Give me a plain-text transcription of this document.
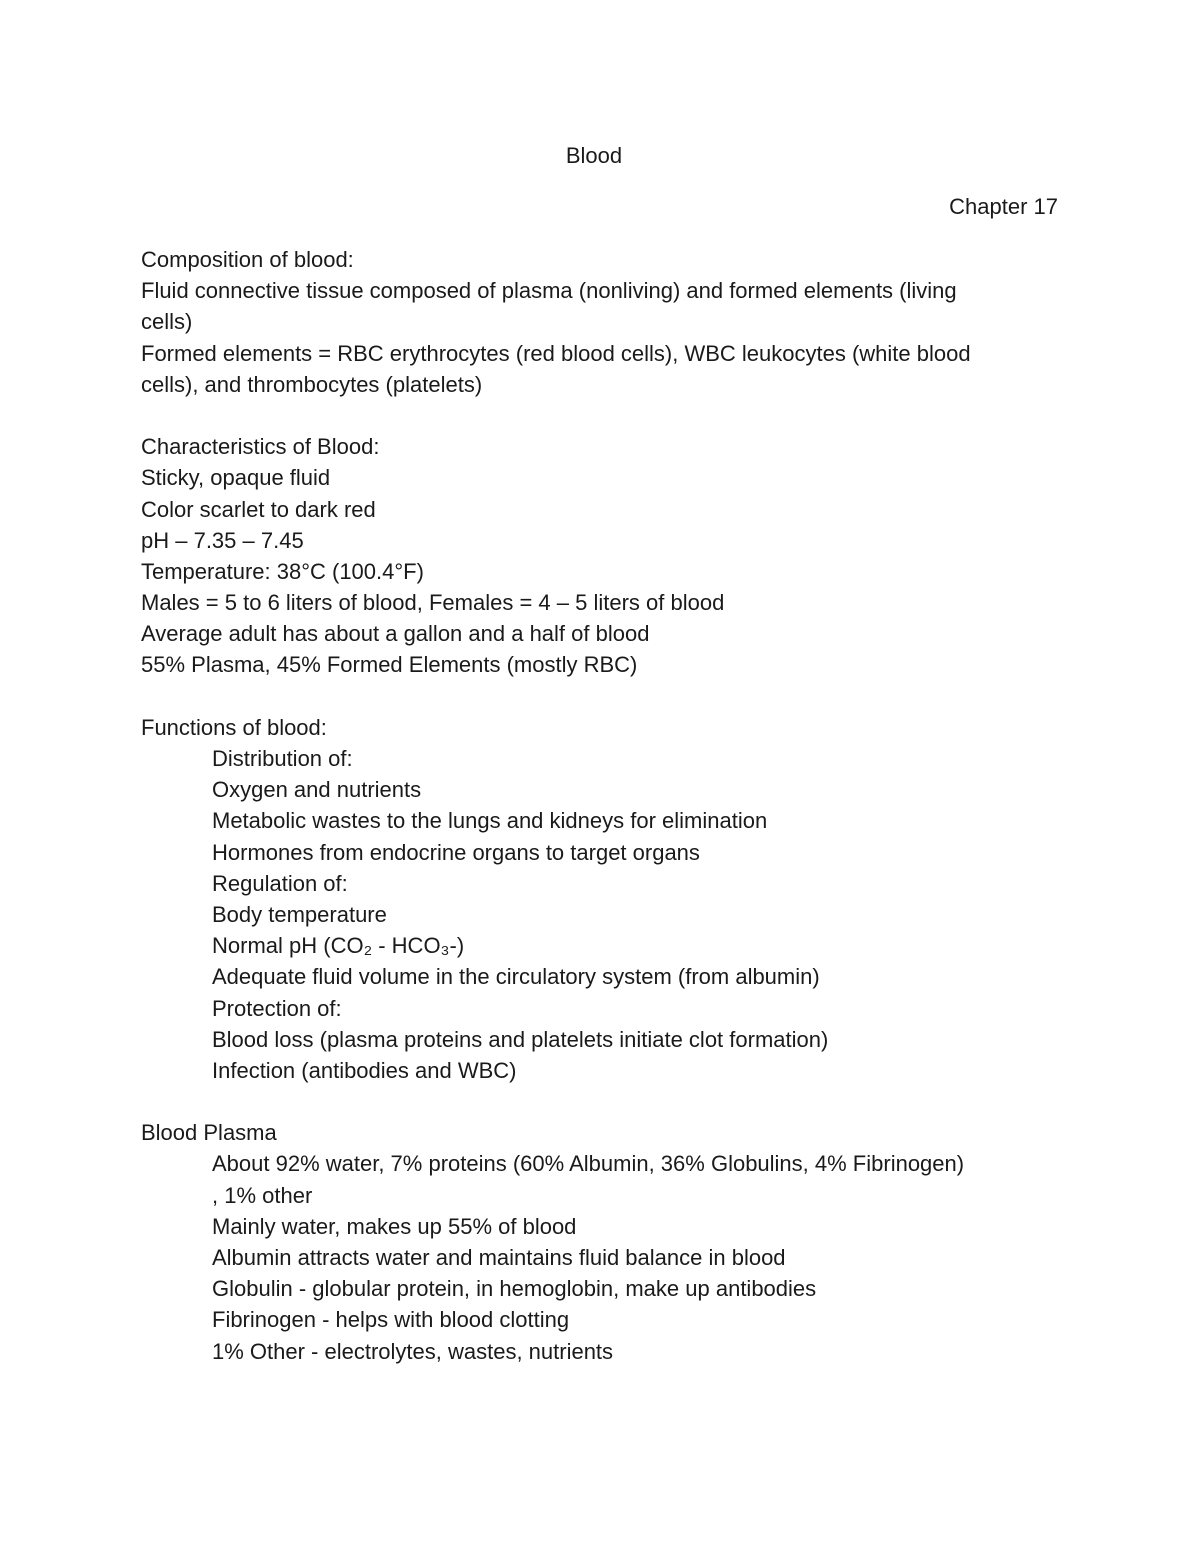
Blood
Chapter 17
Composition of blood:
Fluid connective tissue composed of plasma (nonliving) and formed elements (living
cells)
Formed elements = RBC erythrocytes (red blood cells), WBC leukocytes (white blood
cells), and thrombocytes (platelets)
Characteristics of Blood:
Sticky, opaque fluid
Color scarlet to dark red
pH – 7.35 – 7.45
Temperature: 38°C (100.4°F)
Males = 5 to 6 liters of blood, Females = 4 – 5 liters of blood
Average adult has about a gallon and a half of blood
55% Plasma, 45% Formed Elements (mostly RBC)
Functions of blood:
Distribution of:
Oxygen and nutrients
Metabolic wastes to the lungs and kidneys for elimination
Hormones from endocrine organs to target organs
Regulation of:
Body temperature
Normal pH (CO₂ - HCO₃-)
Adequate fluid volume in the circulatory system (from albumin)
Protection of:
Blood loss (plasma proteins and platelets initiate clot formation)
Infection (antibodies and WBC)
Blood Plasma
About 92% water, 7% proteins (60% Albumin, 36% Globulins, 4% Fibrinogen)
, 1% other
Mainly water, makes up 55% of blood
Albumin attracts water and maintains fluid balance in blood
Globulin - globular protein, in hemoglobin, make up antibodies
Fibrinogen - helps with blood clotting
1% Other - electrolytes, wastes, nutrients
